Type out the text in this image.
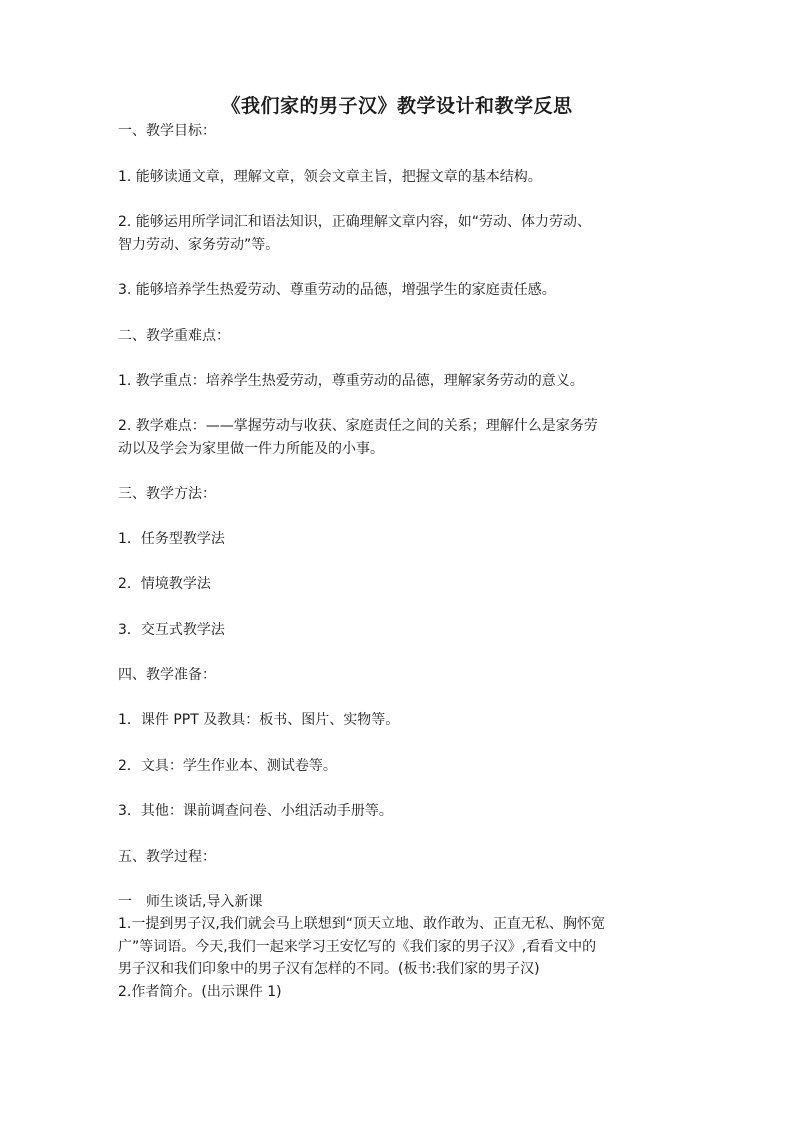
《我们家的男子汉》教学设计和教学反思

一、教学目标：

1. 能够读通文章，理解文章，领会文章主旨，把握文章的基本结构。

2. 能够运用所学词汇和语法知识，正确理解文章内容，如“劳动、体力劳动、
智力劳动、家务劳动”等。

3. 能够培养学生热爱劳动、尊重劳动的品德，增强学生的家庭责任感。

二、教学重难点：

1. 教学重点：培养学生热爱劳动，尊重劳动的品德，理解家务劳动的意义。

2. 教学难点：——掌握劳动与收获、家庭责任之间的关系；理解什么是家务劳
动以及学会为家里做一件力所能及的小事。

三、教学方法：

1．任务型教学法

2．情境教学法

3．交互式教学法

四、教学准备：

1．课件 PPT 及教具：板书、图片、实物等。

2．文具：学生作业本、测试卷等。

3．其他：课前调查问卷、小组活动手册等。

五、教学过程：

一　师生谈话,导入新课

1.一提到男子汉,我们就会马上联想到“顶天立地、敢作敢为、正直无私、胸怀宽
广”等词语。今天,我们一起来学习王安忆写的《我们家的男子汉》,看看文中的
男子汉和我们印象中的男子汉有怎样的不同。(板书:我们家的男子汉)

2.作者简介。(出示课件 1)
